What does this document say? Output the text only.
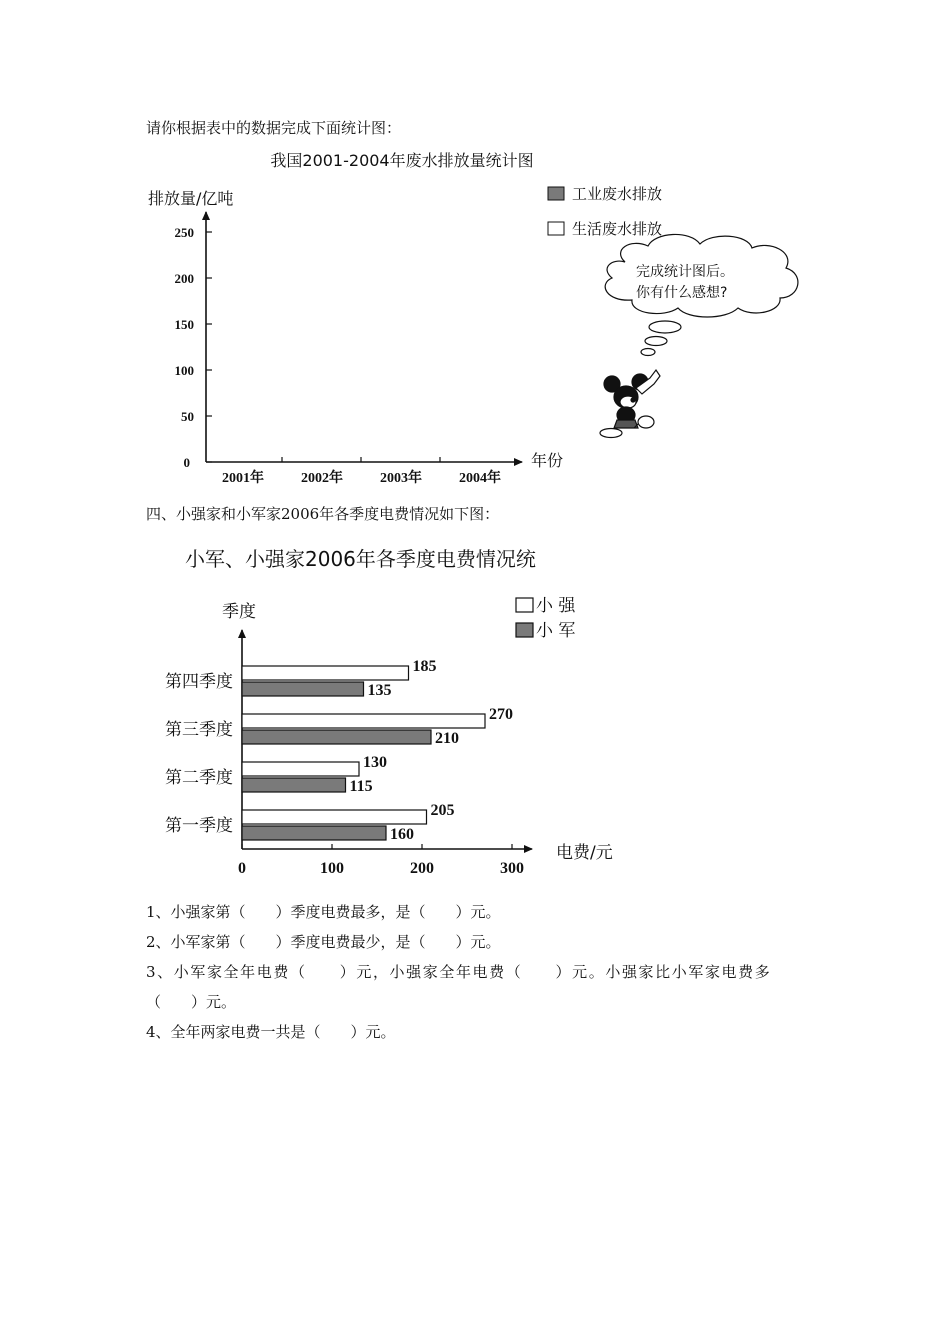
请你根据表中的数据完成下面统计图：
我国2001-2004年废水排放量统计图
排放量/亿吨
0
50
100
150
200
250
2001年	2002年	2003年	2004年
年份
工业废水排放
生活废水排放
完成统计图后。
你有什么感想?
四、小强家和小军家2006年各季度电费情况如下图：
小军、小强家2006年各季度电费情况统
季度	小 强
小 军
205
160
130
115
270
210
185
135
第一季度
第二季度
第三季度
第四季度
0	100	200	300
电费/元
1、小强家第（　　）季度电费最多，是（　　）元。
2、小军家第（　　）季度电费最少，是（　　）元。
3、小军家全年电费（　　）元，小强家全年电费（　　）元。小强家比小军家电费多
（　　）元。
4、全年两家电费一共是（　　）元。
